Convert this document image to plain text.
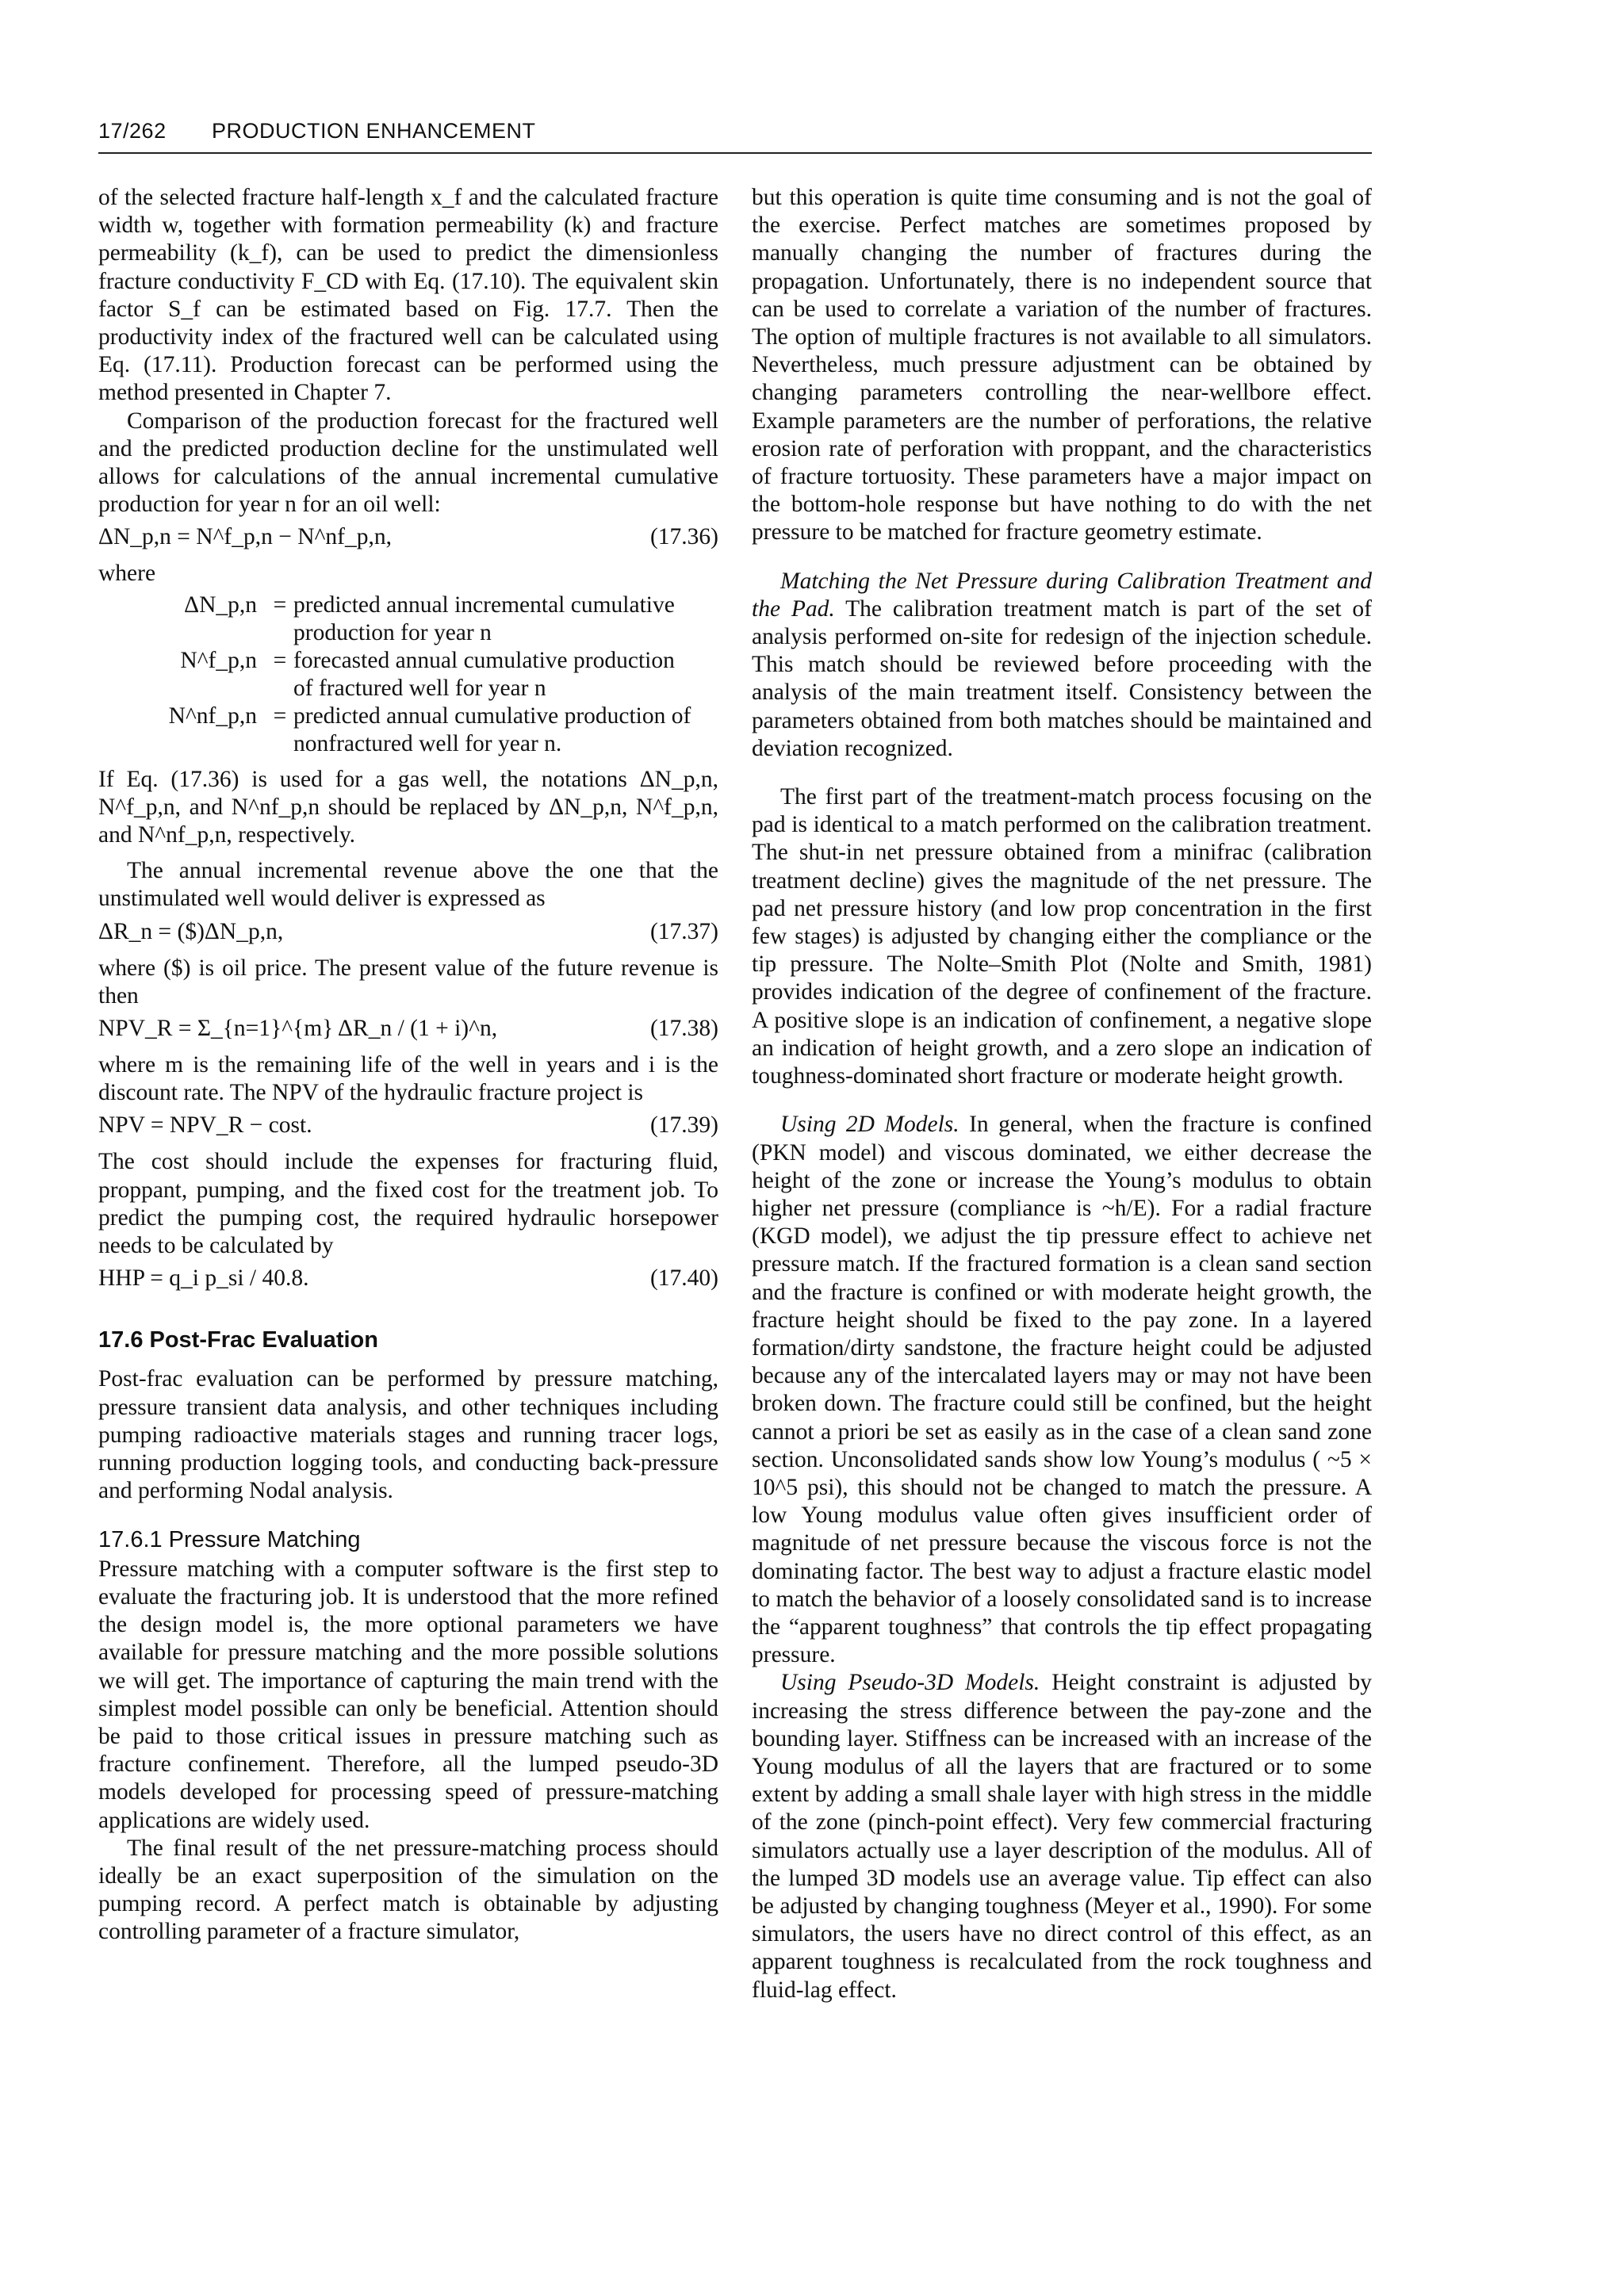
17/262 PRODUCTION ENHANCEMENT

of the selected fracture half-length x_f and the calculated fracture width w, together with formation permeability (k) and fracture permeability (k_f), can be used to predict the dimensionless fracture conductivity F_CD with Eq. (17.10). The equivalent skin factor S_f can be estimated based on Fig. 17.7. Then the productivity index of the fractured well can be calculated using Eq. (17.11). Production forecast can be performed using the method presented in Chapter 7.

Comparison of the production forecast for the fractured well and the predicted production decline for the unstimulated well allows for calculations of the annual incremental cumulative production for year n for an oil well:

ΔN_p,n = N^f_p,n − N^nf_p,n,	(17.36)

where

ΔN_p,n = predicted annual incremental cumulative production for year n
N^f_p,n = forecasted annual cumulative production of fractured well for year n
N^nf_p,n = predicted annual cumulative production of nonfractured well for year n.

If Eq. (17.36) is used for a gas well, the notations ΔN_p,n, N^f_p,n, and N^nf_p,n should be replaced by ΔN_p,n, N^f_p,n, and N^nf_p,n, respectively.

The annual incremental revenue above the one that the unstimulated well would deliver is expressed as

ΔR_n = ($)ΔN_p,n,	(17.37)

where ($) is oil price. The present value of the future revenue is then

NPV_R = Σ_{n=1}^{m} ΔR_n / (1 + i)^n,	(17.38)

where m is the remaining life of the well in years and i is the discount rate. The NPV of the hydraulic fracture project is

NPV = NPV_R − cost.	(17.39)

The cost should include the expenses for fracturing fluid, proppant, pumping, and the fixed cost for the treatment job. To predict the pumping cost, the required hydraulic horsepower needs to be calculated by

HHP = q_i p_si / 40.8.	(17.40)
17.6 Post-Frac Evaluation

Post-frac evaluation can be performed by pressure matching, pressure transient data analysis, and other techniques including pumping radioactive materials stages and running tracer logs, running production logging tools, and conducting back-pressure and performing Nodal analysis.

17.6.1 Pressure Matching

Pressure matching with a computer software is the first step to evaluate the fracturing job. It is understood that the more refined the design model is, the more optional parameters we have available for pressure matching and the more possible solutions we will get. The importance of capturing the main trend with the simplest model possible can only be beneficial. Attention should be paid to those critical issues in pressure matching such as fracture confinement. Therefore, all the lumped pseudo-3D models developed for processing speed of pressure-matching applications are widely used.

The final result of the net pressure-matching process should ideally be an exact superposition of the simulation on the pumping record. A perfect match is obtainable by adjusting controlling parameter of a fracture simulator,

but this operation is quite time consuming and is not the goal of the exercise. Perfect matches are sometimes proposed by manually changing the number of fractures during the propagation. Unfortunately, there is no independent source that can be used to correlate a variation of the number of fractures. The option of multiple fractures is not available to all simulators. Nevertheless, much pressure adjustment can be obtained by changing parameters controlling the near-wellbore effect. Example parameters are the number of perforations, the relative erosion rate of perforation with proppant, and the characteristics of fracture tortuosity. These parameters have a major impact on the bottom-hole response but have nothing to do with the net pressure to be matched for fracture geometry estimate.

Matching the Net Pressure during Calibration Treatment and the Pad. The calibration treatment match is part of the set of analysis performed on-site for redesign of the injection schedule. This match should be reviewed before proceeding with the analysis of the main treatment itself. Consistency between the parameters obtained from both matches should be maintained and deviation recognized.

The first part of the treatment-match process focusing on the pad is identical to a match performed on the calibration treatment. The shut-in net pressure obtained from a minifrac (calibration treatment decline) gives the magnitude of the net pressure. The pad net pressure history (and low prop concentration in the first few stages) is adjusted by changing either the compliance or the tip pressure. The Nolte–Smith Plot (Nolte and Smith, 1981) provides indication of the degree of confinement of the fracture. A positive slope is an indication of confinement, a negative slope an indication of height growth, and a zero slope an indication of toughness-dominated short fracture or moderate height growth.

Using 2D Models. In general, when the fracture is confined (PKN model) and viscous dominated, we either decrease the height of the zone or increase the Young’s modulus to obtain higher net pressure (compliance is ~h/E). For a radial fracture (KGD model), we adjust the tip pressure effect to achieve net pressure match. If the fractured formation is a clean sand section and the fracture is confined or with moderate height growth, the fracture height should be fixed to the pay zone. In a layered formation/dirty sandstone, the fracture height could be adjusted because any of the intercalated layers may or may not have been broken down. The fracture could still be confined, but the height cannot a priori be set as easily as in the case of a clean sand zone section. Unconsolidated sands show low Young’s modulus ( ~5 × 10^5 psi), this should not be changed to match the pressure. A low Young modulus value often gives insufficient order of magnitude of net pressure because the viscous force is not the dominating factor. The best way to adjust a fracture elastic model to match the behavior of a loosely consolidated sand is to increase the “apparent toughness” that controls the tip effect propagating pressure.

Using Pseudo-3D Models. Height constraint is adjusted by increasing the stress difference between the pay-zone and the bounding layer. Stiffness can be increased with an increase of the Young modulus of all the layers that are fractured or to some extent by adding a small shale layer with high stress in the middle of the zone (pinch-point effect). Very few commercial fracturing simulators actually use a layer description of the modulus. All of the lumped 3D models use an average value. Tip effect can also be adjusted by changing toughness (Meyer et al., 1990). For some simulators, the users have no direct control of this effect, as an apparent toughness is recalculated from the rock toughness and fluid-lag effect.
